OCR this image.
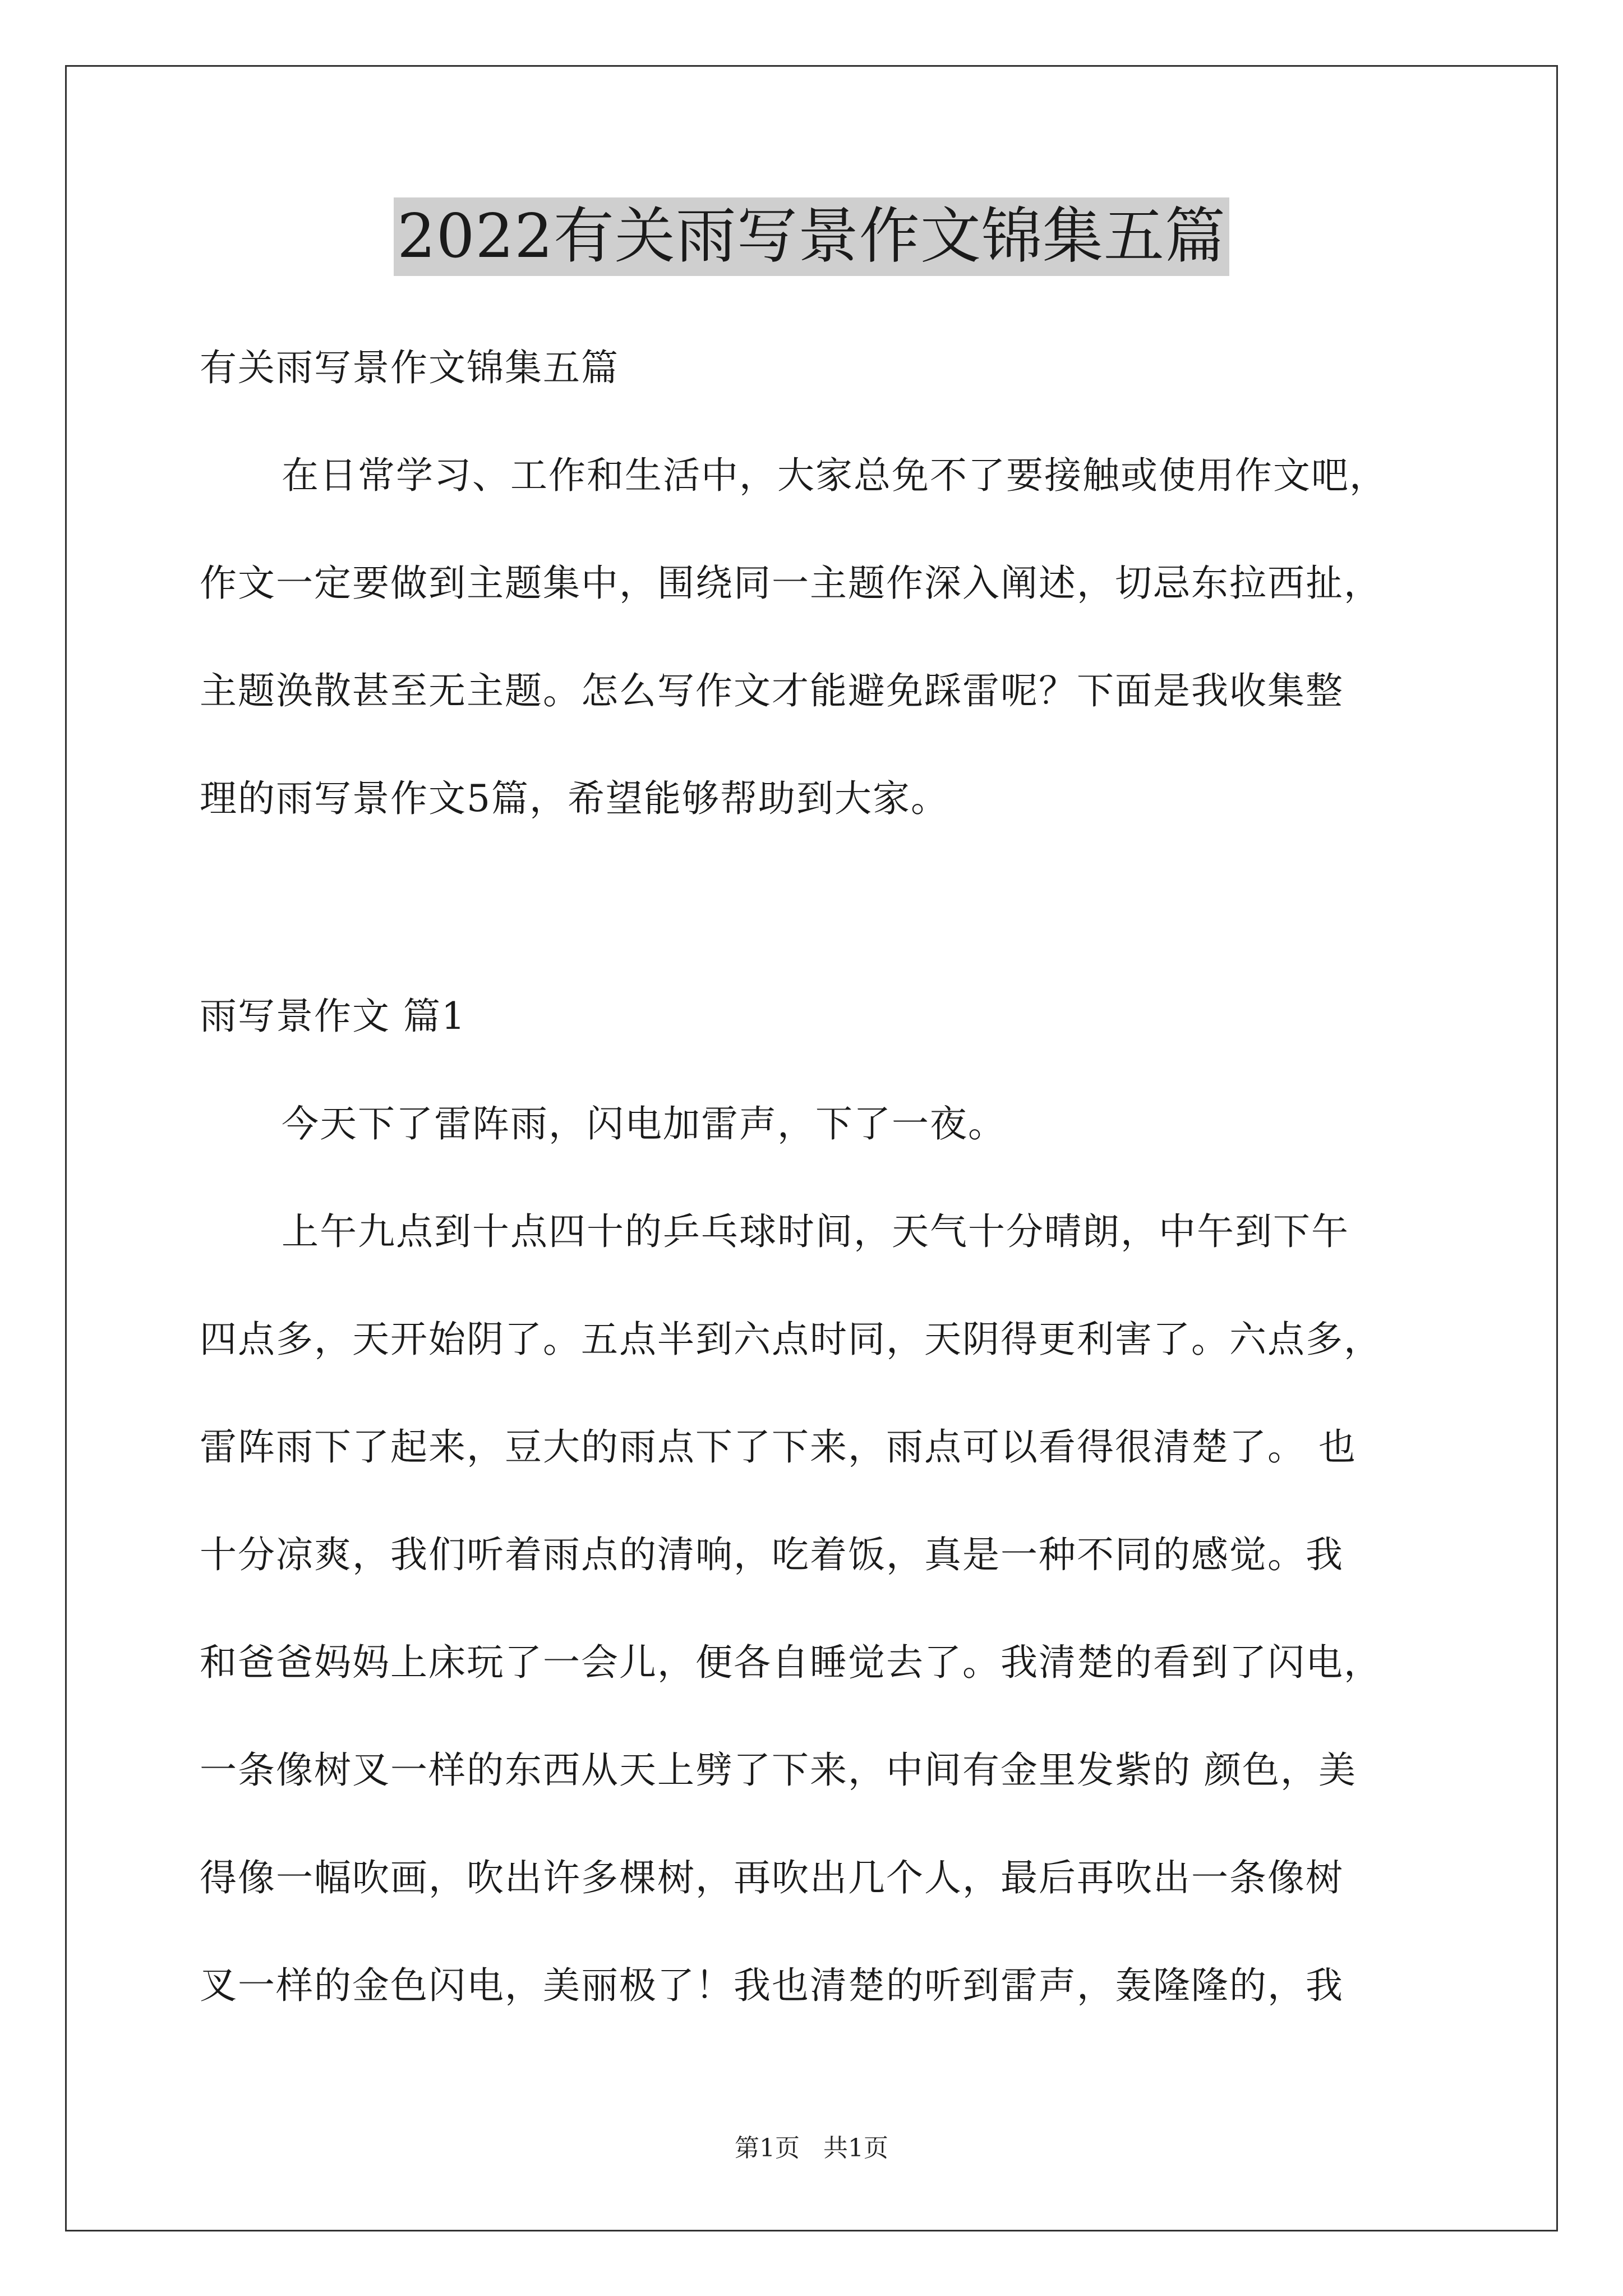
2022有关雨写景作文锦集五篇
有关雨写景作文锦集五篇
在日常学习、工作和生活中，大家总免不了要接触或使用作文吧，
作文一定要做到主题集中，围绕同一主题作深入阐述，切忌东拉西扯，
主题涣散甚至无主题。怎么写作文才能避免踩雷呢？下面是我收集整
理的雨写景作文5篇，希望能够帮助到大家。
雨写景作文 篇1
今天下了雷阵雨，闪电加雷声，下了一夜。
上午九点到十点四十的乒乓球时间，天气十分晴朗，中午到下午
四点多，天开始阴了。五点半到六点时同，天阴得更利害了。六点多，
雷阵雨下了起来，豆大的雨点下了下来，雨点可以看得很清楚了。 也
十分凉爽，我们听着雨点的清响，吃着饭，真是一种不同的感觉。我
和爸爸妈妈上床玩了一会儿，便各自睡觉去了。我清楚的看到了闪电，
一条像树叉一样的东西从天上劈了下来，中间有金里发紫的 颜色，美
得像一幅吹画，吹出许多棵树，再吹出几个人，最后再吹出一条像树
叉一样的金色闪电，美丽极了！我也清楚的听到雷声，轰隆隆的，我
第1页 共1页
